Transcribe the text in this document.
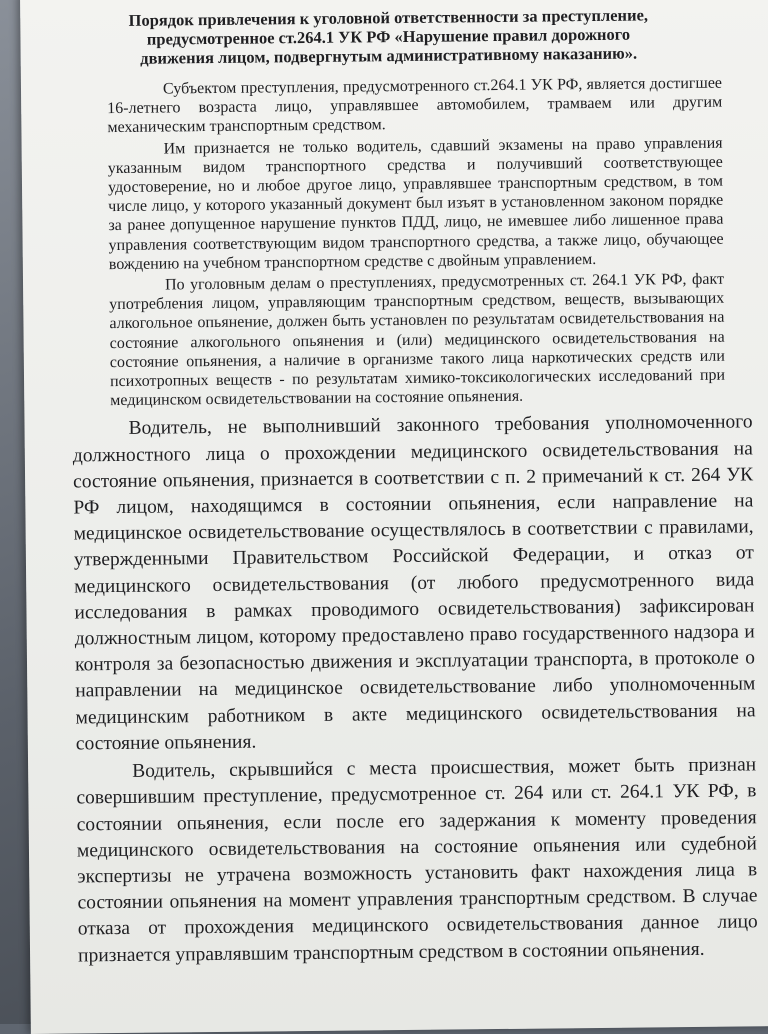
Порядок привлечения к уголовной ответственности за преступление,
предусмотренное ст.264.1 УК РФ «Нарушение правил дорожного
движения лицом, подвергнутым административному наказанию».

Субъектом преступления, предусмотренного ст.264.1 УК РФ, является достигшее 16-летнего возраста лицо, управлявшее автомобилем, трамваем или другим механическим транспортным средством.

Им признается не только водитель, сдавший экзамены на право управления указанным видом транспортного средства и получивший соответствующее удостоверение, но и любое другое лицо, управлявшее транспортным средством, в том числе лицо, у которого указанный документ был изъят в установленном законом порядке за ранее допущенное нарушение пунктов ПДД, лицо, не имевшее либо лишенное права управления соответствующим видом транспортного средства, а также лицо, обучающее вождению на учебном транспортном средстве с двойным управлением.

По уголовным делам о преступлениях, предусмотренных ст. 264.1 УК РФ, факт употребления лицом, управляющим транспортным средством, веществ, вызывающих алкогольное опьянение, должен быть установлен по результатам освидетельствования на состояние алкогольного опьянения и (или) медицинского освидетельствования на состояние опьянения, а наличие в организме такого лица наркотических средств или психотропных веществ - по результатам химико-токсикологических исследований при медицинском освидетельствовании на состояние опьянения.

Водитель, не выполнивший законного требования уполномоченного должностного лица о прохождении медицинского освидетельствования на состояние опьянения, признается в соответствии с п. 2 примечаний к ст. 264 УК РФ лицом, находящимся в состоянии опьянения, если направление на медицинское освидетельствование осуществлялось в соответствии с правилами, утвержденными Правительством Российской Федерации, и отказ от медицинского освидетельствования (от любого предусмотренного вида исследования в рамках проводимого освидетельствования) зафиксирован должностным лицом, которому предоставлено право государственного надзора и контроля за безопасностью движения и эксплуатации транспорта, в протоколе о направлении на медицинское освидетельствование либо уполномоченным медицинским работником в акте медицинского освидетельствования на состояние опьянения.

Водитель, скрывшийся с места происшествия, может быть признан совершившим преступление, предусмотренное ст. 264 или ст. 264.1 УК РФ, в состоянии опьянения, если после его задержания к моменту проведения медицинского освидетельствования на состояние опьянения или судебной экспертизы не утрачена возможность установить факт нахождения лица в состоянии опьянения на момент управления транспортным средством. В случае отказа от прохождения медицинского освидетельствования данное лицо признается управлявшим транспортным средством в состоянии опьянения.
